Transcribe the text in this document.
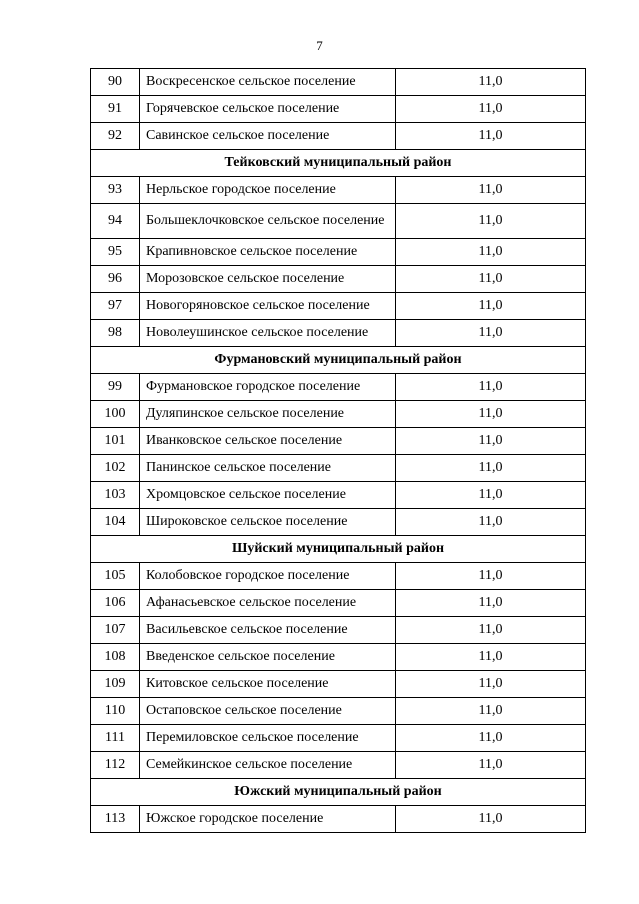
7
90	Воскресенское сельское поселение	11,0
91	Горячевское сельское поселение	11,0
92	Савинское сельское поселение	11,0
Тейковский муниципальный район		
93	Нерльское городское поселение	11,0
94	Большеклочковское сельское поселение	11,0
95	Крапивновское сельское поселение	11,0
96	Морозовское сельское поселение	11,0
97	Новогоряновское сельское поселение	11,0
98	Новолеушинское сельское поселение	11,0
Фурмановский муниципальный район		
99	Фурмановское городское поселение	11,0
100	Дуляпинское сельское поселение	11,0
101	Иванковское сельское поселение	11,0
102	Панинское сельское поселение	11,0
103	Хромцовское сельское поселение	11,0
104	Широковское сельское поселение	11,0
Шуйский муниципальный район		
105	Колобовское городское поселение	11,0
106	Афанасьевское сельское поселение	11,0
107	Васильевское сельское поселение	11,0
108	Введенское сельское поселение	11,0
109	Китовское сельское поселение	11,0
110	Остаповское сельское поселение	11,0
111	Перемиловское сельское поселение	11,0
112	Семейкинское сельское поселение	11,0
Южский муниципальный район		
113	Южское городское поселение	11,0
